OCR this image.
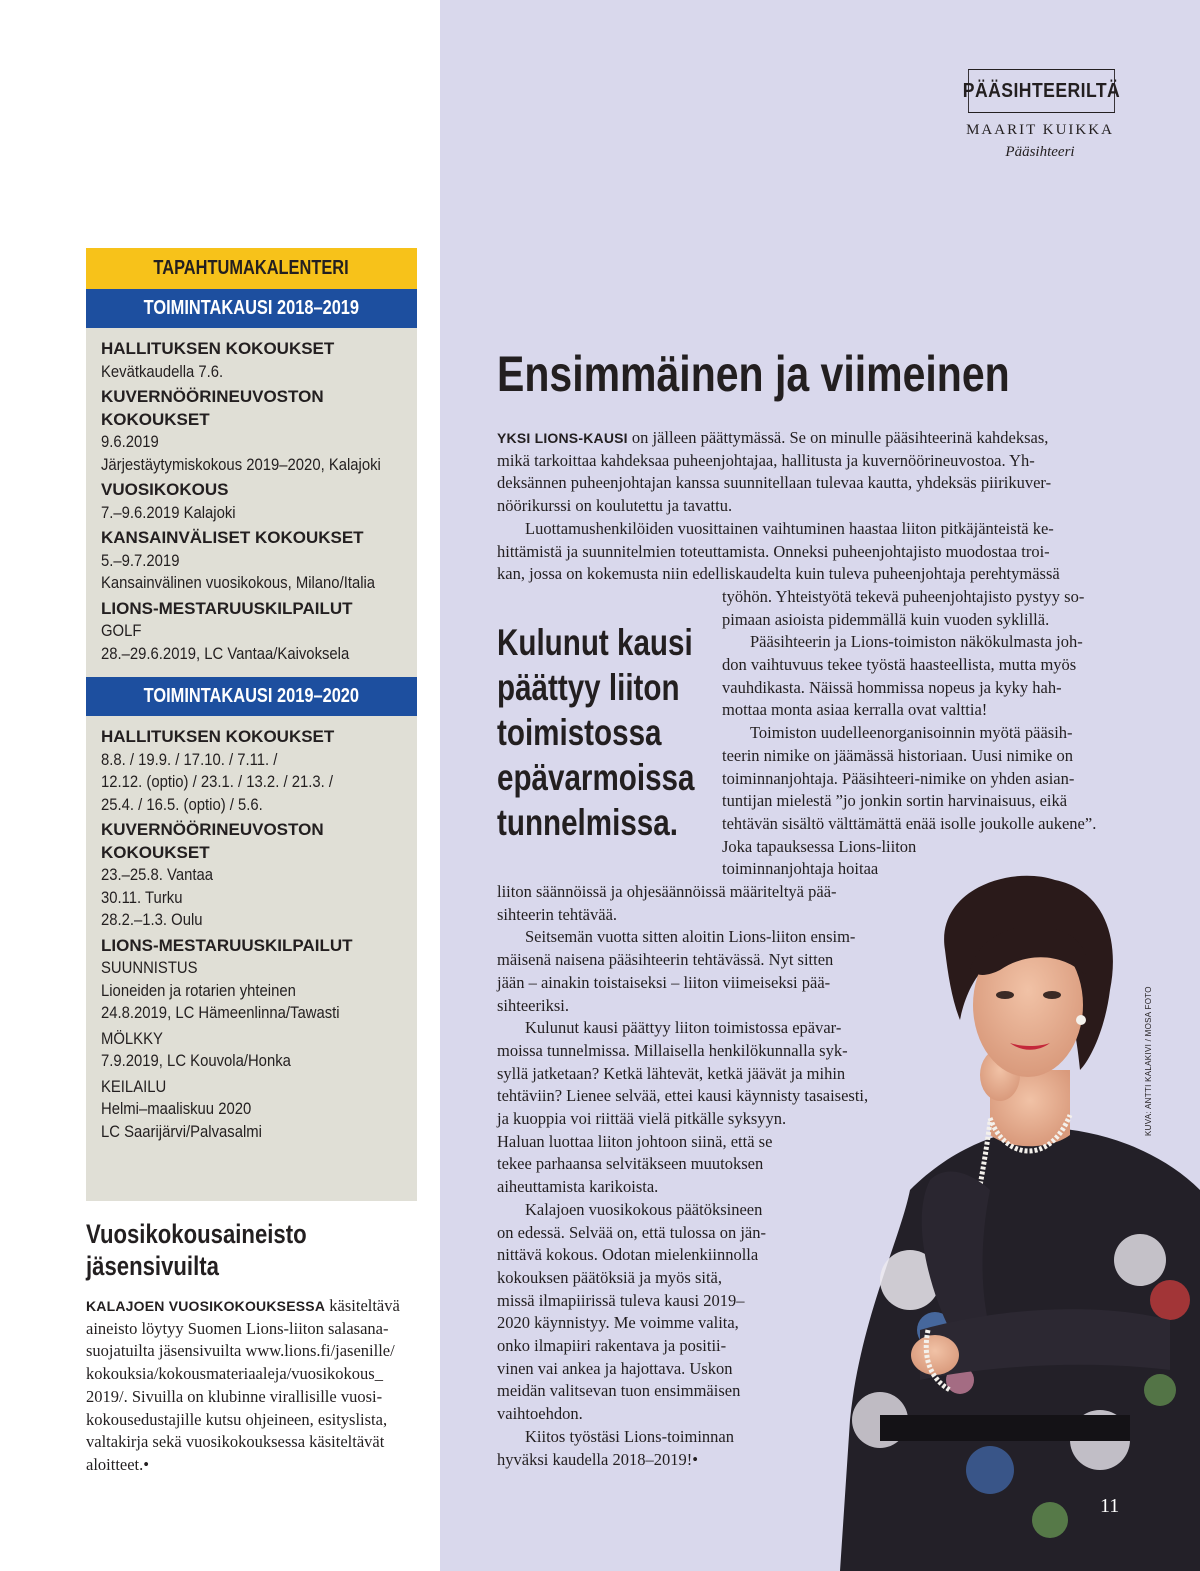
PÄÄSIHTEERILTÄ
MAARIT KUIKKA
Pääsihteeri
TAPAHTUMAKALENTERI
TOIMINTAKAUSI 2018–2019
HALLITUKSEN KOKOUKSET
Kevätkaudella 7.6.
KUVERNÖÖRINEUVOSTON
KOKOUKSET
9.6.2019
Järjestäytymiskokous 2019–2020, Kalajoki
VUOSIKOKOUS
7.–9.6.2019 Kalajoki
KANSAINVÄLISET KOKOUKSET
5.–9.7.2019
Kansainvälinen vuosikokous, Milano/Italia
LIONS-MESTARUUSKILPAILUT
GOLF
28.–29.6.2019, LC Vantaa/Kaivoksela
TOIMINTAKAUSI 2019–2020
HALLITUKSEN KOKOUKSET
8.8. / 19.9. / 17.10. / 7.11. /
12.12. (optio) / 23.1. / 13.2. / 21.3. /
25.4. / 16.5. (optio) / 5.6.
KUVERNÖÖRINEUVOSTON
KOKOUKSET
23.–25.8. Vantaa
30.11. Turku
28.2.–1.3. Oulu
LIONS-MESTARUUSKILPAILUT
SUUNNISTUS
Lioneiden ja rotarien yhteinen
24.8.2019, LC Hämeenlinna/Tawasti
MÖLKKY
7.9.2019, LC Kouvola/Honka
KEILAILU
Helmi–maaliskuu 2020
LC Saarijärvi/Palvasalmi
Vuosikokousaineisto
jäsensivuilta
KALAJOEN VUOSIKOKOUKSESSA käsiteltävä
aineisto löytyy Suomen Lions-liiton salasana-
suojatuilta jäsensivuilta www.lions.fi/jasenille/
kokouksia/kokousmateriaaleja/vuosikokous_
2019/. Sivuilla on klubinne virallisille vuosi-
kokousedustajille kutsu ohjeineen, esityslista,
valtakirja sekä vuosikokouksessa käsiteltävät
aloitteet.•
Ensimmäinen ja viimeinen
YKSI LIONS-KAUSI on jälleen päättymässä. Se on minulle pääsihteerinä kahdeksas,
mikä tarkoittaa kahdeksaa puheenjohtajaa, hallitusta ja kuvernöörineuvostoa. Yh-
deksännen puheenjohtajan kanssa suunnitellaan tulevaa kautta, yhdeksäs piirikuver-
nöörikurssi on koulutettu ja tavattu.
Luottamushenkilöiden vuosittainen vaihtuminen haastaa liiton pitkäjänteistä ke-
hittämistä ja suunnitelmien toteuttamista. Onneksi puheenjohtajisto muodostaa troi-
kan, jossa on kokemusta niin edelliskaudelta kuin tuleva puheenjohtaja perehtymässä
työhön. Yhteistyötä tekevä puheenjohtajisto pystyy so-
pimaan asioista pidemmällä kuin vuoden syklillä.
Pääsihteerin ja Lions-toimiston näkökulmasta joh-
don vaihtuvuus tekee työstä haasteellista, mutta myös
vauhdikasta. Näissä hommissa nopeus ja kyky hah-
mottaa monta asiaa kerralla ovat valttia!
Toimiston uudelleenorganisoinnin myötä pääsih-
teerin nimike on jäämässä historiaan. Uusi nimike on
toiminnanjohtaja. Pääsihteeri-nimike on yhden asian-
tuntijan mielestä ”jo jonkin sortin harvinaisuus, eikä
tehtävän sisältö välttämättä enää isolle joukolle aukene”.
Joka tapauksessa Lions-liiton
toiminnanjohtaja hoitaa
liiton säännöissä ja ohjesäännöissä määriteltyä pää-
sihteerin tehtävää.
Seitsemän vuotta sitten aloitin Lions-liiton ensim-
mäisenä naisena pääsihteerin tehtävässä. Nyt sitten
jään – ainakin toistaiseksi – liiton viimeiseksi pää-
sihteeriksi.
Kulunut kausi päättyy liiton toimistossa epävar-
moissa tunnelmissa. Millaisella henkilökunnalla syk-
syllä jatketaan? Ketkä lähtevät, ketkä jäävät ja mihin
tehtäviin? Lienee selvää, ettei kausi käynnisty tasaisesti,
ja kuoppia voi riittää vielä pitkälle syksyyn.
Haluan luottaa liiton johtoon siinä, että se
tekee parhaansa selvitäkseen muutoksen
aiheuttamista karikoista.
Kalajoen vuosikokous päätöksineen
on edessä. Selvää on, että tulossa on jän-
nittävä kokous. Odotan mielenkiinnolla
kokouksen päätöksiä ja myös sitä,
missä ilmapiirissä tuleva kausi 2019–
2020 käynnistyy. Me voimme valita,
onko ilmapiiri rakentava ja positii-
vinen vai ankea ja hajottava. Uskon
meidän valitsevan tuon ensimmäisen
vaihtoehdon.
Kiitos työstäsi Lions-toiminnan
hyväksi kaudella 2018–2019!•
Kulunut kausi
päättyy liiton
toimistossa
epävarmoissa
tunnelmissa.
KUVA: ANTTI KALAKIVI / MOSA FOTO
11
